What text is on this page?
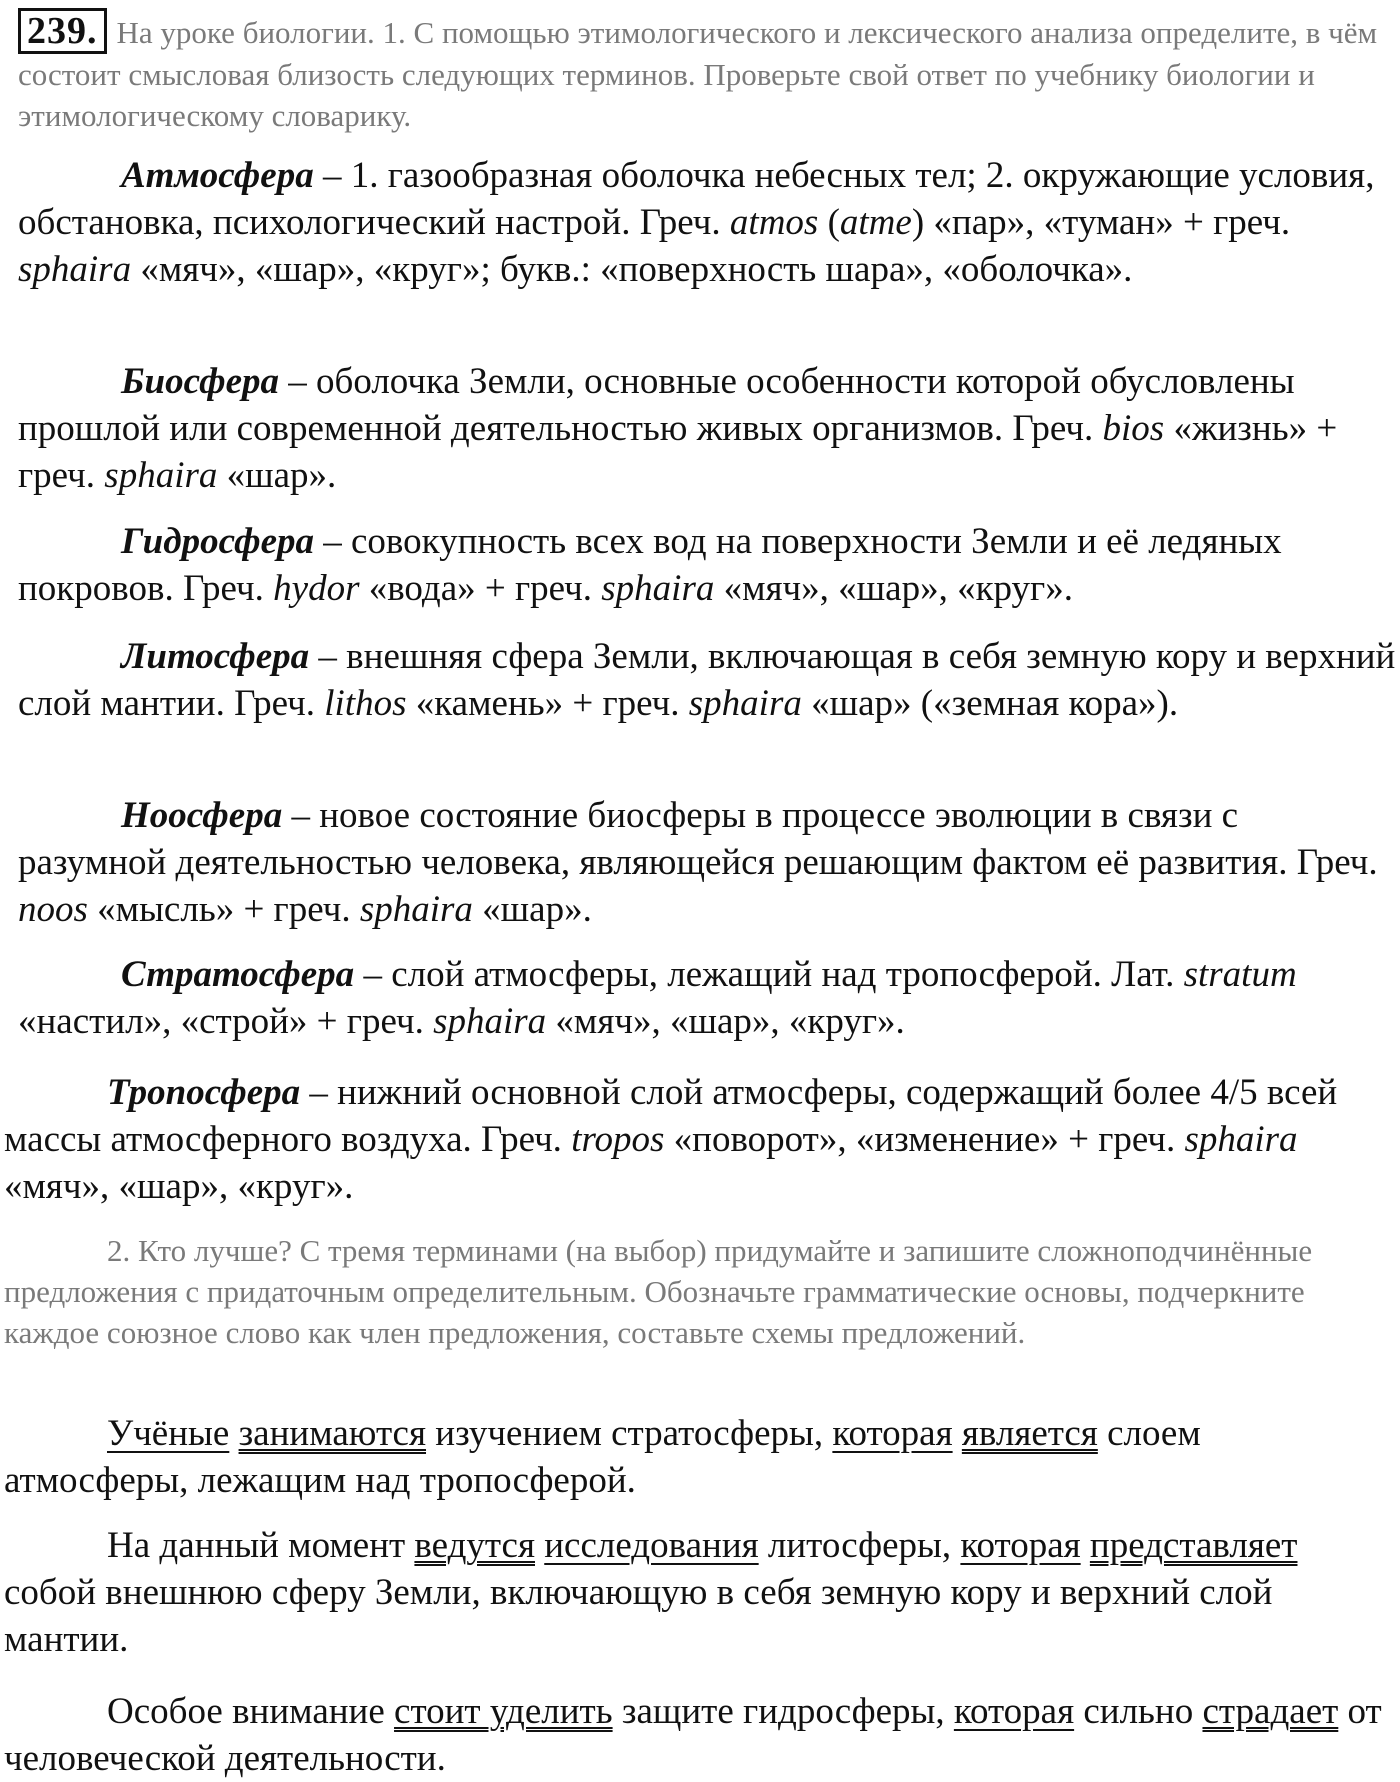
239. На уроке биологии. 1. С помощью этимологического и лексического анализа определите, в чём состоит смысловая близость следующих терминов. Проверьте свой ответ по учебнику биологии и этимологическому словарику.

Атмосфера – 1. газообразная оболочка небесных тел; 2. окружающие условия, обстановка, психологический настрой. Греч. atmos (atme) «пар», «туман» + греч. sphaira «мяч», «шар», «круг»; букв.: «поверхность шара», «оболочка».

Биосфера – оболочка Земли, основные особенности которой обусловлены прошлой или современной деятельностью живых организмов. Греч. bios «жизнь» + греч. sphaira «шар».

Гидросфера – совокупность всех вод на поверхности Земли и её ледяных покровов. Греч. hydor «вода» + греч. sphaira «мяч», «шар», «круг».

Литосфера – внешняя сфера Земли, включающая в себя земную кору и верхний слой мантии. Греч. lithos «камень» + греч. sphaira «шар» («земная кора»).

Ноосфера – новое состояние биосферы в процессе эволюции в связи с разумной деятельностью человека, являющейся решающим фактом её развития. Греч. noos «мысль» + греч. sphaira «шар».

Стратосфера – слой атмосферы, лежащий над тропосферой. Лат. stratum «настил», «строй» + греч. sphaira «мяч», «шар», «круг».

Тропосфера – нижний основной слой атмосферы, содержащий более 4/5 всей массы атмосферного воздуха. Греч. tropos «поворот», «изменение» + греч. sphaira «мяч», «шар», «круг».

2. Кто лучше? С тремя терминами (на выбор) придумайте и запишите сложноподчинённые предложения с придаточным определительным. Обозначьте грамматические основы, подчеркните каждое союзное слово как член предложения, составьте схемы предложений.

Учёные занимаются изучением стратосферы, которая является слоем атмосферы, лежащим над тропосферой.

На данный момент ведутся исследования литосферы, которая представляет собой внешнюю сферу Земли, включающую в себя земную кору и верхний слой мантии.

Особое внимание стоит уделить защите гидросферы, которая сильно страдает от человеческой деятельности.
